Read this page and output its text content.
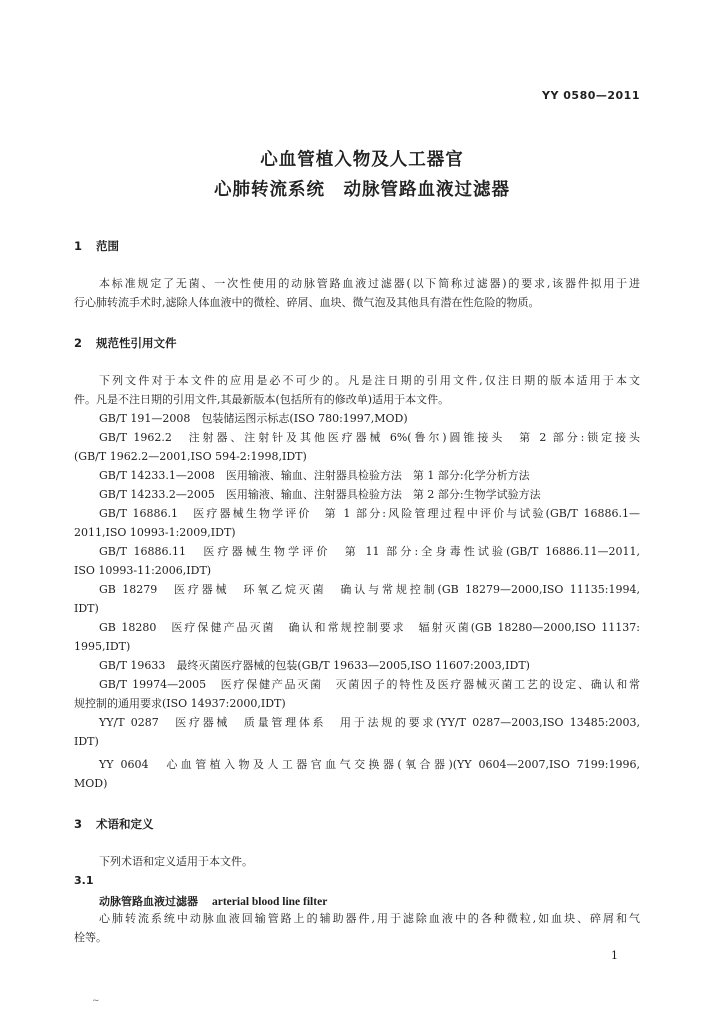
YY 0580—2011
心血管植入物及人工器官
心肺转流系统　动脉管路血液过滤器
1 范围
本标准规定了无菌、一次性使用的动脉管路血液过滤器(以下简称过滤器)的要求,该器件拟用于进
行心肺转流手术时,滤除人体血液中的微栓、碎屑、血块、微气泡及其他具有潜在性危险的物质。
2 规范性引用文件
下列文件对于本文件的应用是必不可少的。凡是注日期的引用文件,仅注日期的版本适用于本文
件。凡是不注日期的引用文件,其最新版本(包括所有的修改单)适用于本文件。
GB/T 191—2008　包装储运图示标志(ISO 780:1997,MOD)
GB/T 1962.2　注射器、注射针及其他医疗器械 6%(鲁尔)圆锥接头　第 2 部分:锁定接头
(GB/T 1962.2—2001,ISO 594-2:1998,IDT)
GB/T 14233.1—2008　医用输液、输血、注射器具检验方法　第 1 部分:化学分析方法
GB/T 14233.2—2005　医用输液、输血、注射器具检验方法　第 2 部分:生物学试验方法
GB/T 16886.1　医疗器械生物学评价　第 1 部分:风险管理过程中评价与试验(GB/T 16886.1—
2011,ISO 10993-1:2009,IDT)
GB/T 16886.11　医疗器械生物学评价　第 11 部分:全身毒性试验(GB/T 16886.11—2011,
ISO 10993-11:2006,IDT)
GB 18279　医疗器械　环氧乙烷灭菌　确认与常规控制(GB 18279—2000,ISO 11135:1994,
IDT)
GB 18280　医疗保健产品灭菌　确认和常规控制要求　辐射灭菌(GB 18280—2000,ISO 11137:
1995,IDT)
GB/T 19633　最终灭菌医疗器械的包装(GB/T 19633—2005,ISO 11607:2003,IDT)
GB/T 19974—2005　医疗保健产品灭菌　灭菌因子的特性及医疗器械灭菌工艺的设定、确认和常
规控制的通用要求(ISO 14937:2000,IDT)
YY/T 0287　医疗器械　质量管理体系　用于法规的要求(YY/T 0287—2003,ISO 13485:2003,
IDT)
YY 0604　心血管植入物及人工器官血气交换器(氧合器)(YY 0604—2007,ISO 7199:1996,
MOD)
3 术语和定义
下列术语和定义适用于本文件。
3.1
动脉管路血液过滤器 arterial blood line filter
心肺转流系统中动脉血液回输管路上的辅助器件,用于滤除血液中的各种微粒,如血块、碎屑和气
栓等。
1
~
